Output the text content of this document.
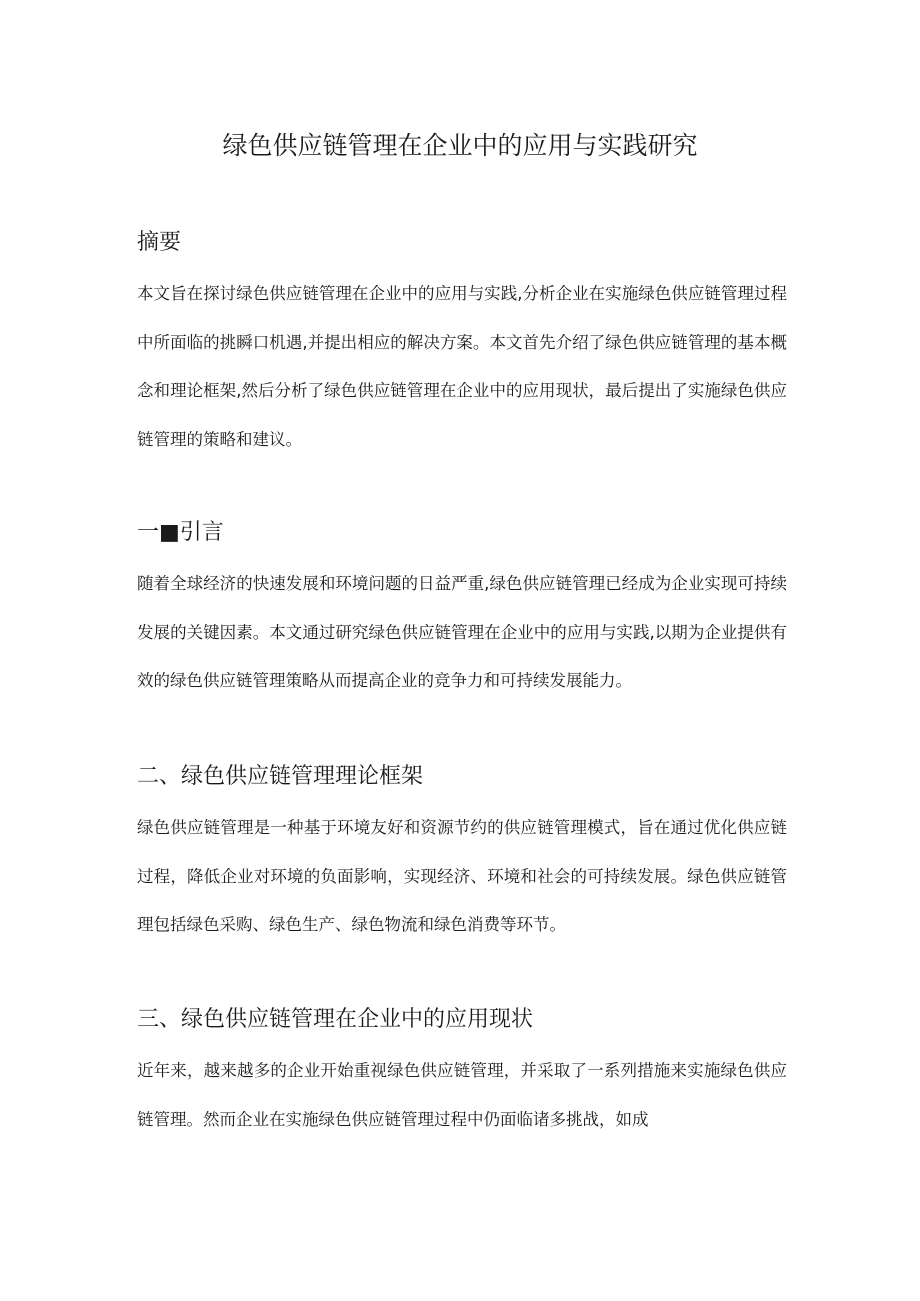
绿色供应链管理在企业中的应用与实践研究
摘要

本文旨在探讨绿色供应链管理在企业中的应用与实践,分析企业在实施绿色供应链管理过程中所面临的挑瞬口机遇,并提出相应的解决方案。本文首先介绍了绿色供应链管理的基本概念和理论框架,然后分析了绿色供应链管理在企业中的应用现状，最后提出了实施绿色供应链管理的策略和建议。

一■引言

随着全球经济的快速发展和环境问题的日益严重,绿色供应链管理已经成为企业实现可持续发展的关键因素。本文通过研究绿色供应链管理在企业中的应用与实践,以期为企业提供有效的绿色供应链管理策略从而提高企业的竞争力和可持续发展能力。

二、绿色供应链管理理论框架

绿色供应链管理是一种基于环境友好和资源节约的供应链管理模式，旨在通过优化供应链过程，降低企业对环境的负面影响，实现经济、环境和社会的可持续发展。绿色供应链管理包括绿色采购、绿色生产、绿色物流和绿色消费等环节。

三、绿色供应链管理在企业中的应用现状

近年来，越来越多的企业开始重视绿色供应链管理，并采取了一系列措施来实施绿色供应链管理。然而企业在实施绿色供应链管理过程中仍面临诸多挑战，如成
